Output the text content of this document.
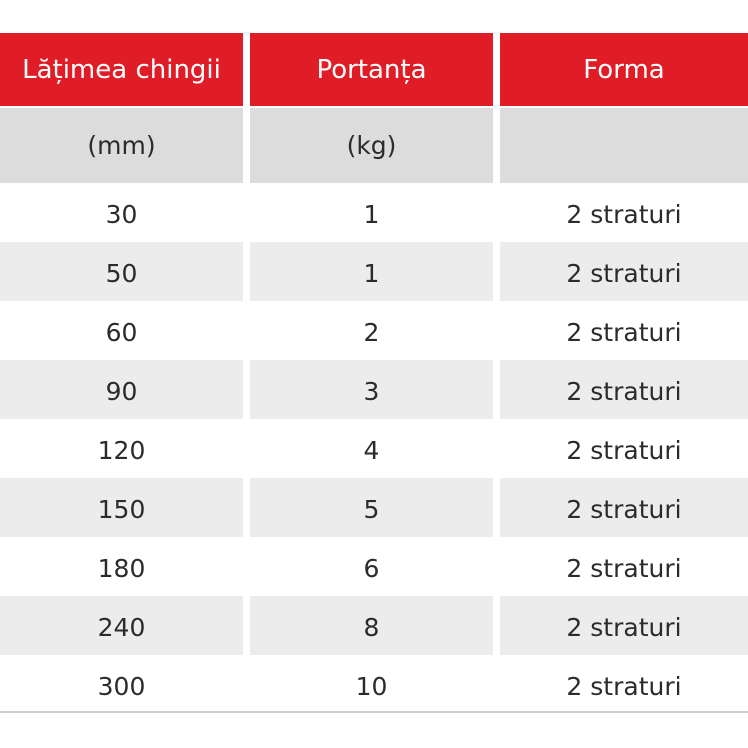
Lățimea chingii	Portanța	Forma
(mm)	(kg)
30	1	2 straturi
50	1	2 straturi
60	2	2 straturi
90	3	2 straturi
120	4	2 straturi
150	5	2 straturi
180	6	2 straturi
240	8	2 straturi
300	10	2 straturi
